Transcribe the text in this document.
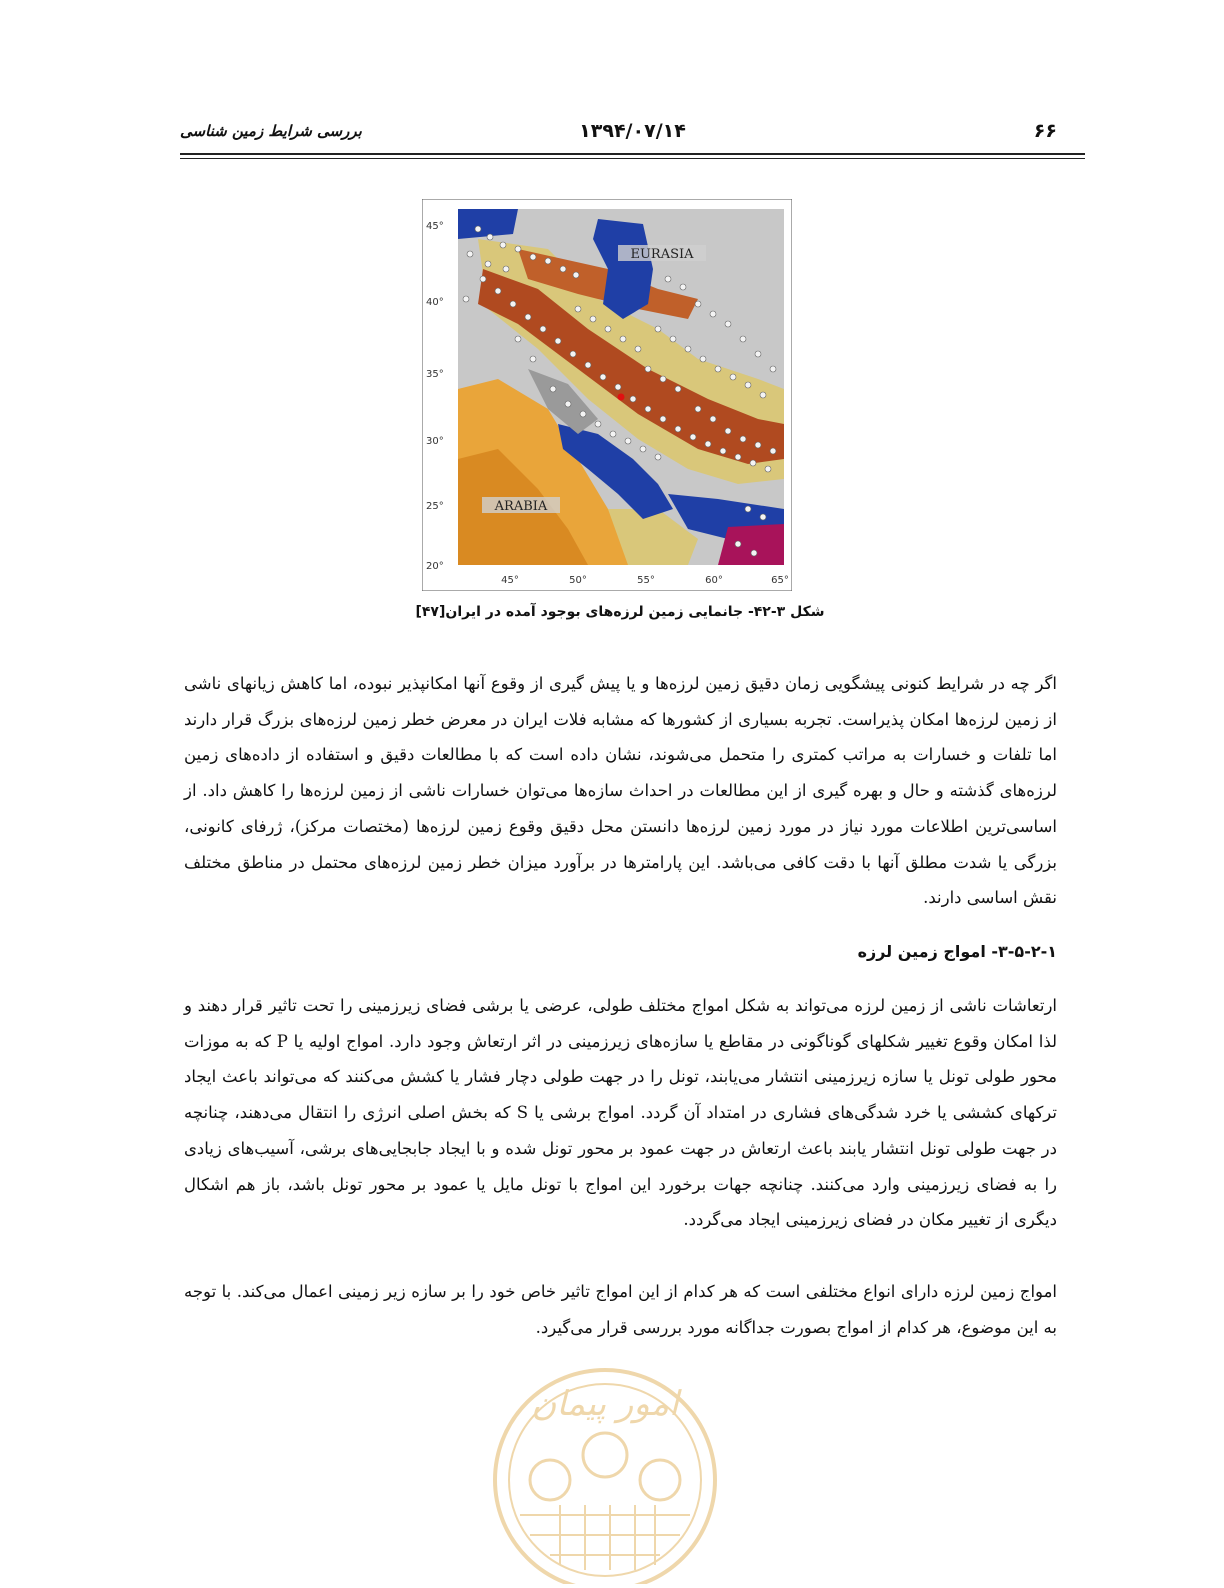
۶۶
۱۳۹۴/۰۷/۱۴
بررسی شرایط زمین شناسی
EURASIA
ARABIA
45°
40°
35°
30°
25°
20°
45°	50°	55°	60°	65°
شکل ۳-۴۲- جانمایی زمین لرزه‌های بوجود آمده در ایران[۴۷]

اگر چه در شرایط کنونی پیشگویی زمان دقیق زمین لرزه‌ها و یا پیش گیری از وقوع آنها امکانپذیر نبوده، اما کاهش زیانهای ناشی از زمین لرزه‌ها امکان پذیراست. تجربه بسیاری از کشورها که مشابه فلات ایران در معرض خطر زمین لرزه‌های بزرگ قرار دارند اما تلفات و خسارات به مراتب کمتری را متحمل می‌شوند، نشان داده است که با مطالعات دقیق و استفاده از داده‌های زمین لرزه‌های گذشته و حال و بهره گیری از این مطالعات در احداث سازه‌ها می‌توان خسارات ناشی از زمین لرزه‌ها را کاهش داد. از اساسی‌ترین اطلاعات مورد نیاز در مورد زمین لرزه‌ها دانستن محل دقیق وقوع زمین لرزه‌ها (مختصات مرکز)، ژرفای کانونی، بزرگی یا شدت مطلق آنها با دقت کافی می‌باشد. این پارامترها در برآورد میزان خطر زمین لرزه‌های محتمل در مناطق مختلف نقش اساسی دارند.

۳-۵-۲-۱- امواج زمین لرزه

ارتعاشات ناشی از زمین لرزه می‌تواند به شکل امواج مختلف طولی، عرضی یا برشی فضای زیرزمینی را تحت تاثیر قرار دهند و لذا امکان وقوع تغییر شکلهای گوناگونی در مقاطع یا سازه‌های زیرزمینی در اثر ارتعاش وجود دارد. امواج اولیه یا P که به موزات محور طولی تونل یا سازه زیرزمینی انتشار می‌یابند، تونل را در جهت طولی دچار فشار یا کشش می‌کنند که می‌تواند باعث ایجاد ترکهای کششی یا خرد شدگی‌های فشاری در امتداد آن گردد. امواج برشی یا S که بخش اصلی انرژی را انتقال می‌دهند، چنانچه در جهت طولی تونل انتشار یابند باعث ارتعاش در جهت عمود بر محور تونل شده و با ایجاد جابجایی‌های برشی، آسیب‌های زیادی را به فضای زیرزمینی وارد می‌کنند. چنانچه جهات برخورد این امواج با تونل مایل یا عمود بر محور تونل باشد، باز هم اشکال دیگری از تغییر مکان در فضای زیرزمینی ایجاد می‌گردد.

امواج زمین لرزه دارای انواع مختلفی است که هر کدام از این امواج تاثیر خاص خود را بر سازه زیر زمینی اعمال می‌کند. با توجه به این موضوع، هر کدام از امواج بصورت جداگانه مورد بررسی قرار می‌گیرد.

امور پیمان
